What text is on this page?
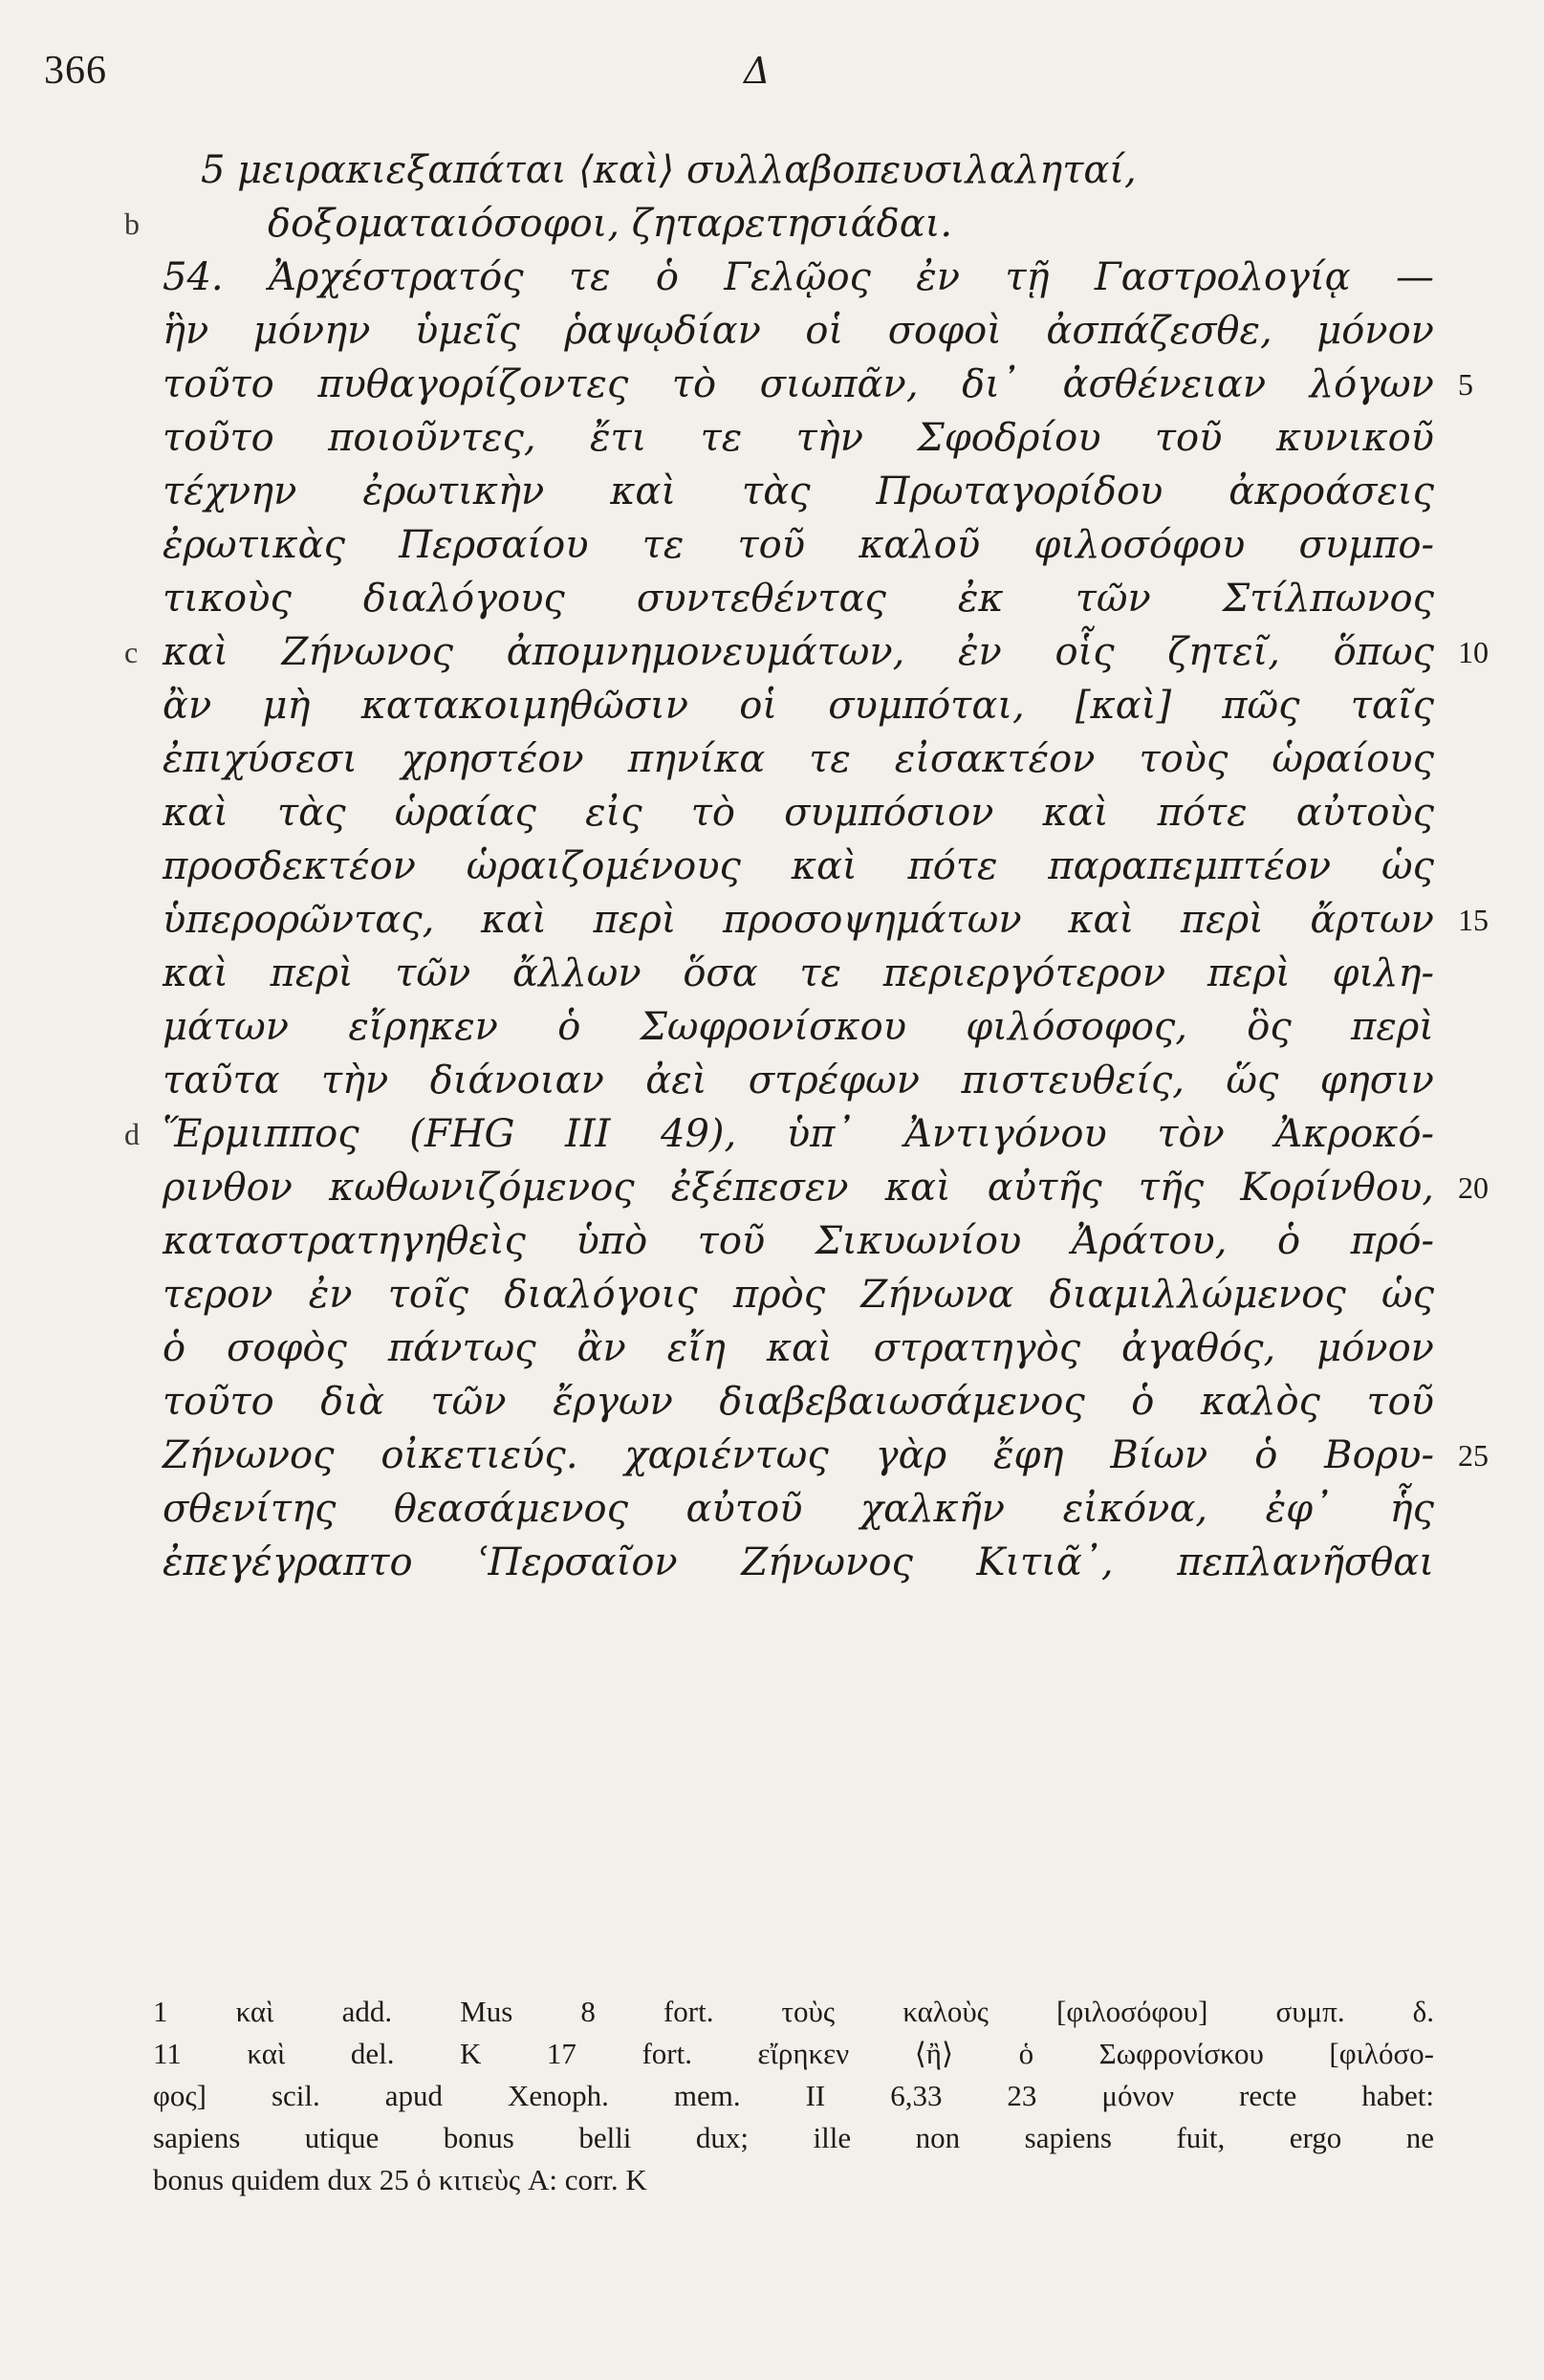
366	Δ
5 μειρακιεξαπάται ⟨καὶ⟩ συλλαβοπευσιλαληταί,
b	δοξοματαιόσοφοι, ζηταρετησιάδαι.
54. Ἀρχέστρατός τε ὁ Γελῷος ἐν τῇ Γαστρολογίᾳ —
ἣν μόνην ὑμεῖς ῥαψῳδίαν οἱ σοφοὶ ἀσπάζεσθε, μόνον
τοῦτο πυθαγορίζοντες τὸ σιωπᾶν, δι᾽ ἀσθένειαν λόγων 5
τοῦτο ποιοῦντες, ἔτι τε τὴν Σφοδρίου τοῦ κυνικοῦ
τέχνην ἐρωτικὴν καὶ τὰς Πρωταγορίδου ἀκροάσεις
ἐρωτικὰς Περσαίου τε τοῦ καλοῦ φιλοσόφου συμπο-
τικοὺς διαλόγους συντεθέντας ἐκ τῶν Στίλπωνος
c καὶ Ζήνωνος ἀπομνημονευμάτων, ἐν οἷς ζητεῖ, ὅπως 10
ἂν μὴ κατακοιμηθῶσιν οἱ συμπόται, [καὶ] πῶς ταῖς
ἐπιχύσεσι χρηστέον πηνίκα τε εἰσακτέον τοὺς ὡραίους
καὶ τὰς ὡραίας εἰς τὸ συμπόσιον καὶ πότε αὐτοὺς
προσδεκτέον ὡραιζομένους καὶ πότε παραπεμπτέον ὡς
ὑπερορῶντας, καὶ περὶ προσοψημάτων καὶ περὶ ἄρτων 15
καὶ περὶ τῶν ἄλλων ὅσα τε περιεργότερον περὶ φιλη-
μάτων εἴρηκεν ὁ Σωφρονίσκου φιλόσοφος, ὃς περὶ
ταῦτα τὴν διάνοιαν ἀεὶ στρέφων πιστευθείς, ὥς φησιν
d Ἕρμιππος (FHG III 49), ὑπ᾽ Ἀντιγόνου τὸν Ἀκροκό-
ρινθον κωθωνιζόμενος ἐξέπεσεν καὶ αὐτῆς τῆς Κορίνθου, 20
καταστρατηγηθεὶς ὑπὸ τοῦ Σικυωνίου Ἀράτου, ὁ πρό-
τερον ἐν τοῖς διαλόγοις πρὸς Ζήνωνα διαμιλλώμενος ὡς
ὁ σοφὸς πάντως ἂν εἴη καὶ στρατηγὸς ἀγαθός, μόνον
τοῦτο διὰ τῶν ἔργων διαβεβαιωσάμενος ὁ καλὸς τοῦ
Ζήνωνος οἰκετιεύς. χαριέντως γὰρ ἔφη Βίων ὁ Βορυ- 25
σθενίτης θεασάμενος αὐτοῦ χαλκῆν εἰκόνα, ἐφ᾽ ἧς
ἐπεγέγραπτο ʿΠερσαῖον Ζήνωνος Κιτιᾶ᾽, πεπλανῆσθαι
1 καὶ add. Mus 8 fort. τοὺς καλοὺς [φιλοσόφου] συμπ. δ.
11 καὶ del. K 17 fort. εἴρηκεν ⟨ἢ⟩ ὁ Σωφρονίσκου [φιλόσο-
φος] scil. apud Xenoph. mem. II 6,33 23 μόνον recte habet:
sapiens utique bonus belli dux; ille non sapiens fuit, ergo ne
bonus quidem dux 25 ὁ κιτιεὺς A: corr. K
